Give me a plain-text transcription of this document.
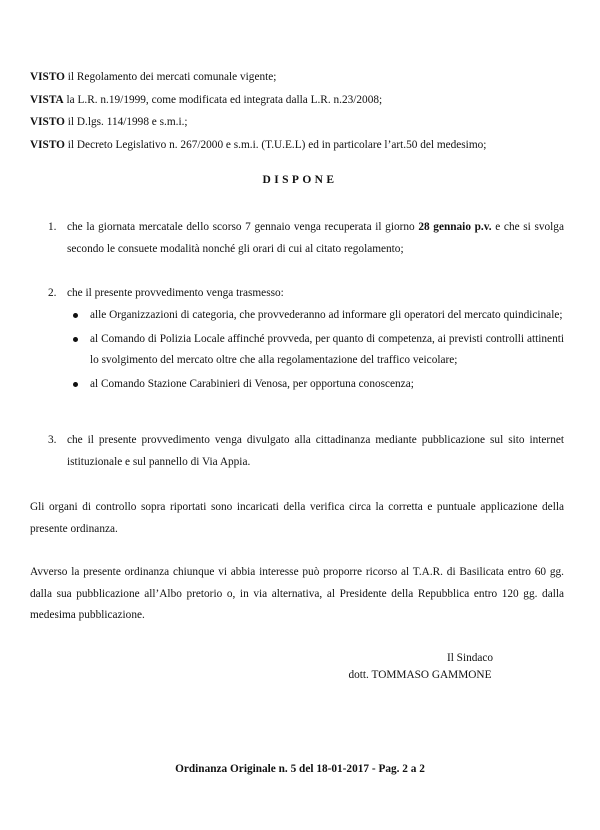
VISTO il Regolamento dei mercati comunale vigente;
VISTA la L.R. n.19/1999, come modificata ed integrata dalla L.R. n.23/2008;
VISTO il D.lgs. 114/1998 e s.m.i.;
VISTO il Decreto Legislativo n. 267/2000 e s.m.i. (T.U.E.L) ed in particolare l’art.50 del medesimo;
DISPONE
1. che la giornata mercatale dello scorso 7 gennaio venga recuperata il giorno 28 gennaio p.v. e che si svolga secondo le consuete modalità nonché gli orari di cui al citato regolamento;
2. che il presente provvedimento venga trasmesso:
alle Organizzazioni di categoria, che provvederanno ad informare gli operatori del mercato quindicinale;
al Comando di Polizia Locale affinché provveda, per quanto di competenza, ai previsti controlli attinenti lo svolgimento del mercato oltre che alla regolamentazione del traffico veicolare;
al Comando Stazione Carabinieri di Venosa, per opportuna conoscenza;
3. che il presente provvedimento venga divulgato alla cittadinanza mediante pubblicazione sul sito internet istituzionale e sul pannello di Via Appia.
Gli organi di controllo sopra riportati sono incaricati della verifica circa la corretta e puntuale applicazione della presente ordinanza.
Avverso la presente ordinanza chiunque vi abbia interesse può proporre ricorso al T.A.R. di Basilicata entro 60 gg. dalla sua pubblicazione all’Albo pretorio o, in via alternativa, al Presidente della Repubblica entro 120 gg. dalla medesima pubblicazione.
Il Sindaco
dott. TOMMASO GAMMONE
Ordinanza Originale n. 5 del 18-01-2017 - Pag. 2 a 2
